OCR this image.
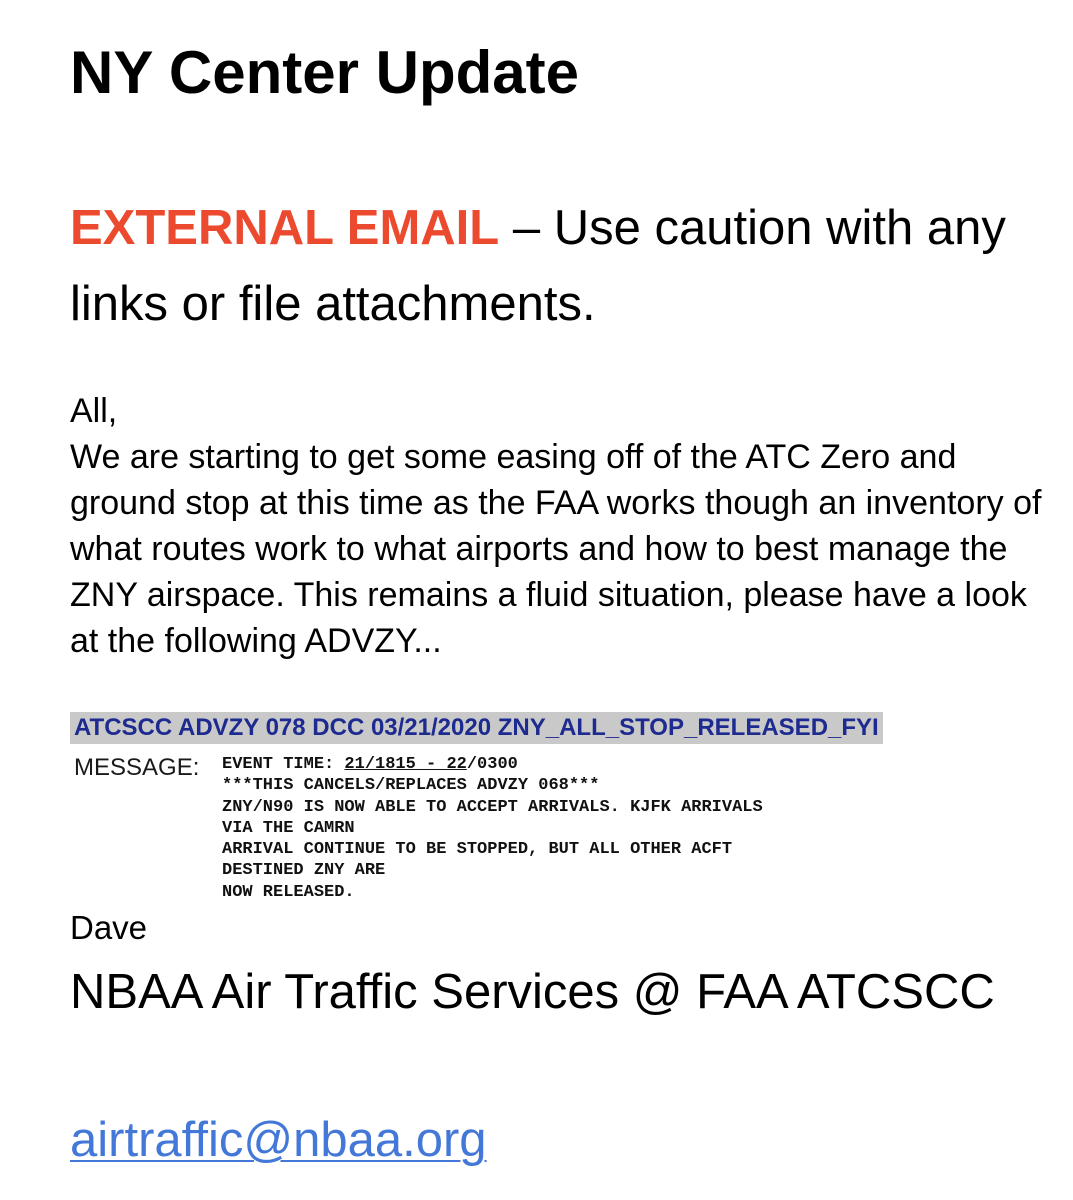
NY Center Update
EXTERNAL EMAIL – Use caution with any links or file attachments.

All,

We are starting to get some easing off of the ATC Zero and ground stop at this time as the FAA works though an inventory of what routes work to what airports and how to best manage the ZNY airspace. This remains a fluid situation, please have a look at the following ADVZY...

ATCSCC ADVZY 078 DCC 03/21/2020 ZNY_ALL_STOP_RELEASED_FYI
MESSAGE:	EVENT TIME: 21/1815 - 22/0300
***THIS CANCELS/REPLACES ADVZY 068***
ZNY/N90 IS NOW ABLE TO ACCEPT ARRIVALS. KJFK ARRIVALS
VIA THE CAMRN
ARRIVAL CONTINUE TO BE STOPPED, BUT ALL OTHER ACFT
DESTINED ZNY ARE
NOW RELEASED.
Dave
NBAA Air Traffic Services @ FAA ATCSCC
airtraffic@nbaa.org
